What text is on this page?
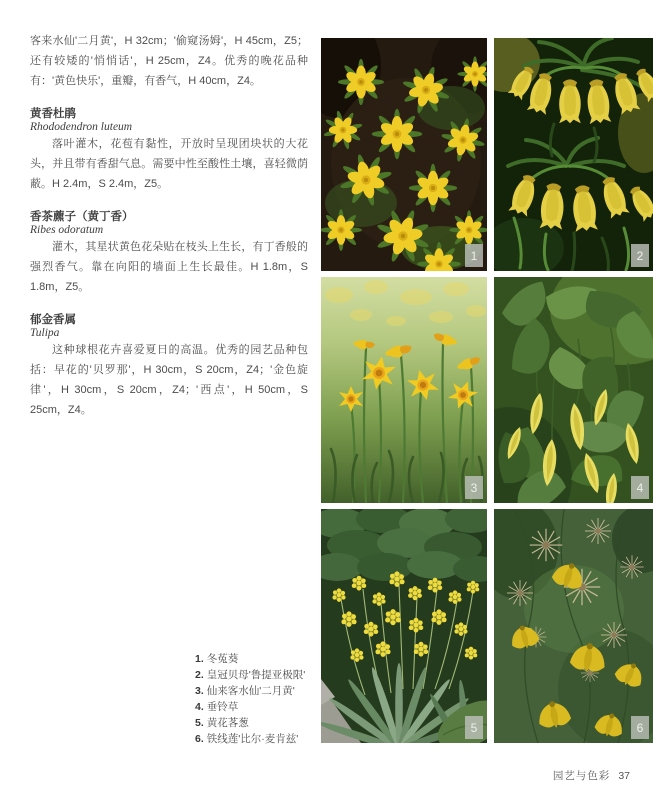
客来水仙'二月黄'，H 32cm；'偷窥汤姆'，H 45cm，Z5；还有较矮的'悄悄话'，H 25cm，Z4。优秀的晚花品种有：'黄色快乐'，重瓣，有香气，H 40cm，Z4。

黄香杜鹃
Rhododendron luteum

落叶灌木，花苞有黏性，开放时呈现团块状的大花头，并且带有香甜气息。需要中性至酸性土壤，喜轻微荫蔽。H 2.4m，S 2.4m，Z5。

香茶藨子（黄丁香）
Ribes odoratum

灌木，其星状黄色花朵贴在枝头上生长，有丁香般的强烈香气。靠在向阳的墙面上生长最佳。H 1.8m，S 1.8m，Z5。

郁金香属
Tulipa

这种球根花卉喜爱夏日的高温。优秀的园艺品种包括：早花的'贝罗那'，H 30cm，S 20cm，Z4；'金色旋律'，H 30cm，S 20cm，Z4；'西点'，H 50cm，S 25cm，Z4。

1. 冬菟葵
2. 皇冠贝母'鲁提亚极限'
3. 仙来客水仙'二月黄'
4. 垂铃草
5. 黄花茖葱
6. 铁线莲'比尔·麦肯兹'
园艺与色彩 37
1	2
3	4
5	6
